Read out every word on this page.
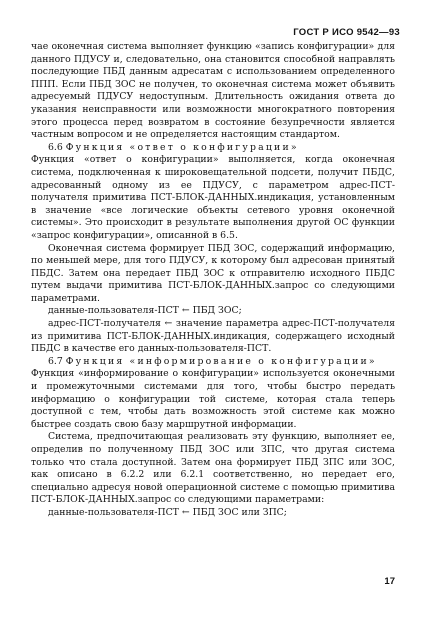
ГОСТ Р ИСО 9542—93

чае оконечная система выполняет функцию «запись конфигурации» для данного ПДУСУ и, следовательно, она становится способной направлять последующие ПБД данным адресатам с использованием определенного ППП. Если ПБД ЗОС не получен, то оконечная система может объявить адресуемый ПДУСУ недоступным. Длительность ожидания ответа до указания неисправности или возможности многократного повторения этого процесса перед возвратом в состояние безупречности является частным вопросом и не определяется настоящим стандартом.

6.6 Функция «ответ о конфигурации»

Функция «ответ о конфигурации» выполняется, когда оконечная система, подключенная к широковещательной подсети, получит ПБДС, адресованный одному из ее ПДУСУ, с параметром адрес-ПСТ-получателя примитива ПСТ-БЛОК-ДАННЫХ.индикация, установленным в значение «все логические объекты сетевого уровня оконечной системы». Это происходит в результате выполнения другой ОС функции «запрос конфигурации», описанной в 6.5.

Оконечная система формирует ПБД ЗОС, содержащий информацию, по меньшей мере, для того ПДУСУ, к которому был адресован принятый ПБДС. Затем она передает ПБД ЗОС к отправителю исходного ПБДС путем выдачи примитива ПСТ-БЛОК-ДАННЫХ.запрос со следующими параметрами.

данные-пользователя-ПСТ ← ПБД ЗОС;

адрес-ПСТ-получателя ← значение параметра адрес-ПСТ-получателя из примитива ПСТ-БЛОК-ДАННЫХ.индикация, содержащего исходный ПБДС в качестве его данных-пользователя-ПСТ.

6.7 Функция «информирование о конфигурации»

Функция «информирование о конфигурации» используется оконечными и промежуточными системами для того, чтобы быстро передать информацию о конфигурации той системе, которая стала теперь доступной с тем, чтобы дать возможность этой системе как можно быстрее создать свою базу маршрутной информации.

Система, предпочитающая реализовать эту функцию, выполняет ее, определив по полученному ПБД ЗОС или ЗПС, что другая система только что стала доступной. Затем она формирует ПБД ЗПС или ЗОС, как описано в 6.2.2 или 6.2.1 соответственно, но передает его, специально адресуя новой операционной системе с помощью примитива ПСТ-БЛОК-ДАННЫХ.запрос со следующими параметрами:

данные-пользователя-ПСТ ← ПБД ЗОС или ЗПС;

17
